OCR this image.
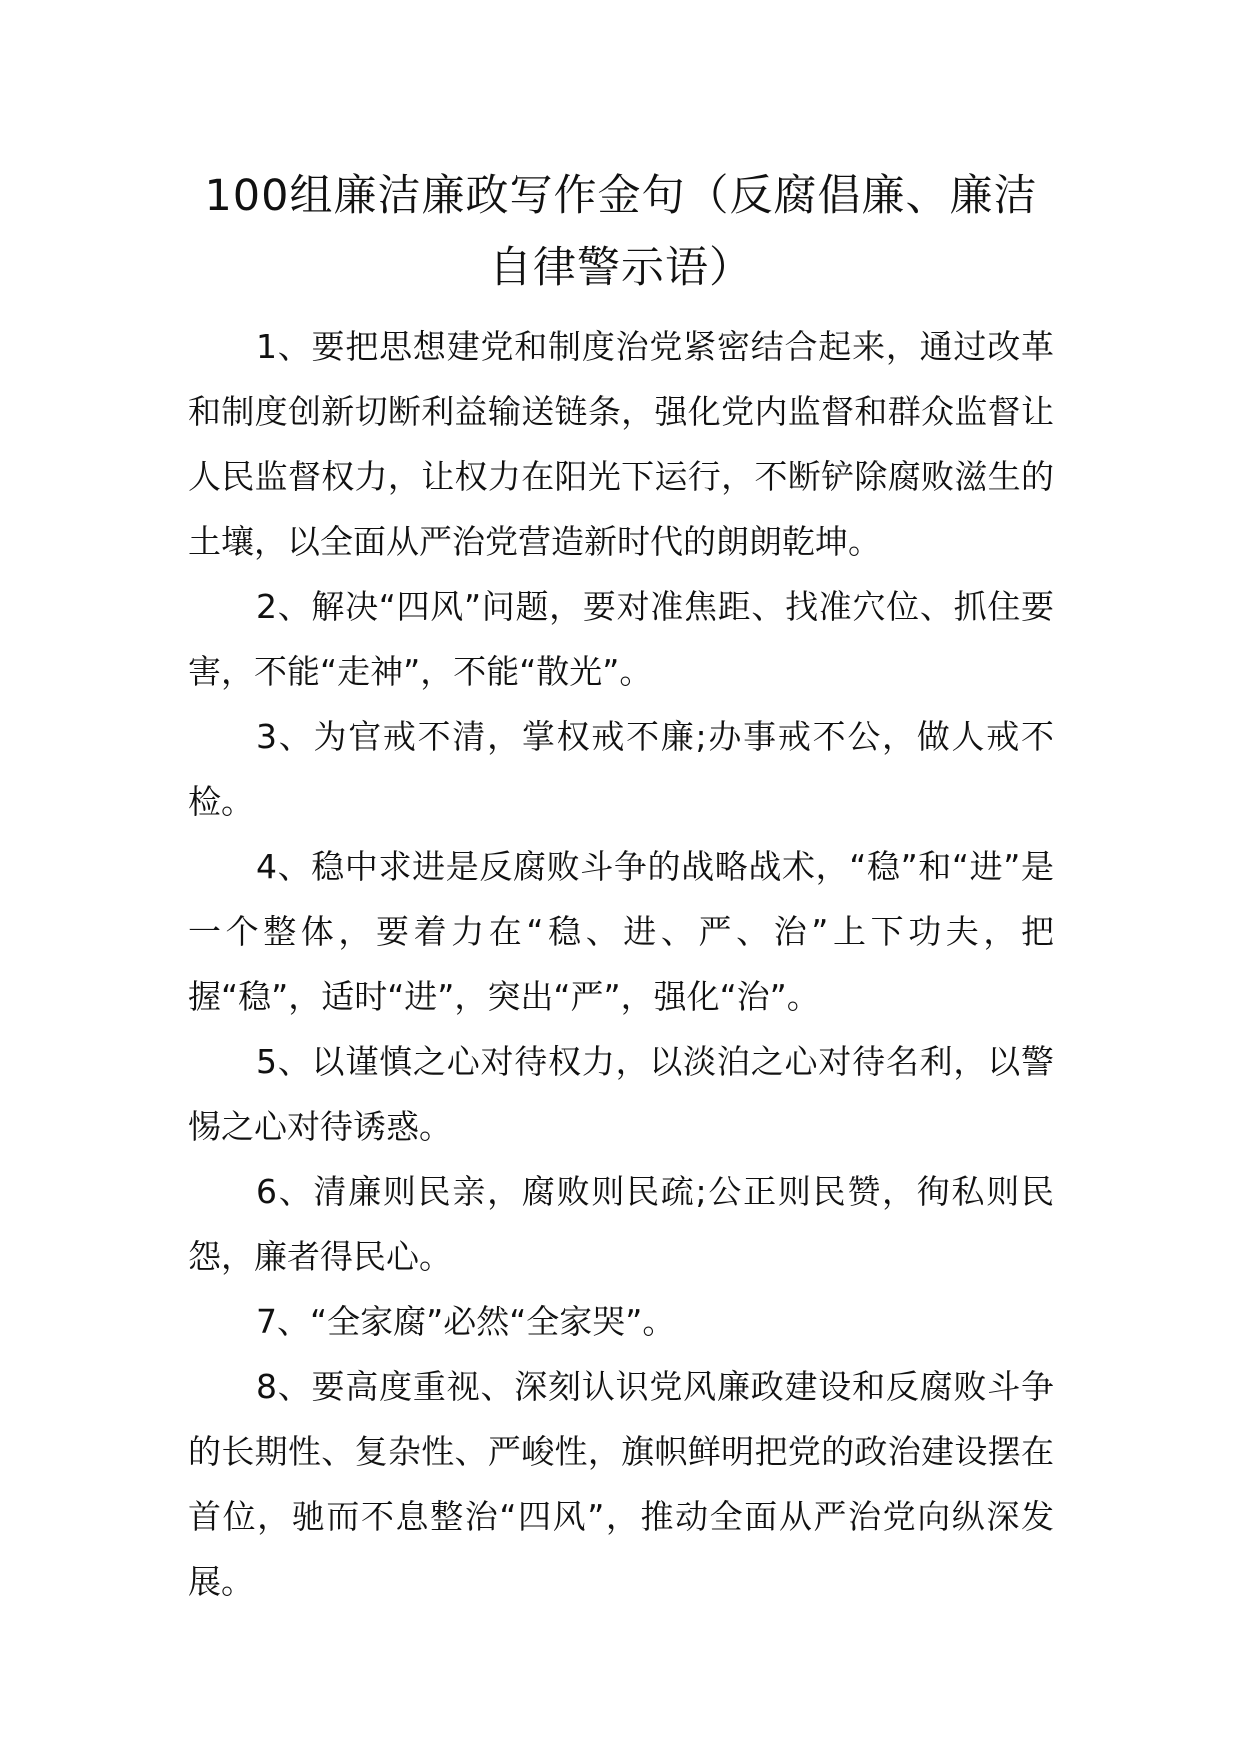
100组廉洁廉政写作金句（反腐倡廉、廉洁自律警示语）

1、要把思想建党和制度治党紧密结合起来，通过改革和制度创新切断利益输送链条，强化党内监督和群众监督让人民监督权力，让权力在阳光下运行，不断铲除腐败滋生的土壤，以全面从严治党营造新时代的朗朗乾坤。

2、解决“四风”问题，要对准焦距、找准穴位、抓住要害，不能“走神”，不能“散光”。

3、为官戒不清，掌权戒不廉;办事戒不公，做人戒不检。

4、稳中求进是反腐败斗争的战略战术，“稳”和“进”是一个整体，要着力在“稳、进、严、治”上下功夫，把握“稳”，适时“进”，突出“严”，强化“治”。

5、以谨慎之心对待权力，以淡泊之心对待名利，以警惕之心对待诱惑。

6、清廉则民亲，腐败则民疏;公正则民赞，徇私则民怨，廉者得民心。

7、“全家腐”必然“全家哭”。

8、要高度重视、深刻认识党风廉政建设和反腐败斗争的长期性、复杂性、严峻性，旗帜鲜明把党的政治建设摆在首位，驰而不息整治“四风”，推动全面从严治党向纵深发展。
